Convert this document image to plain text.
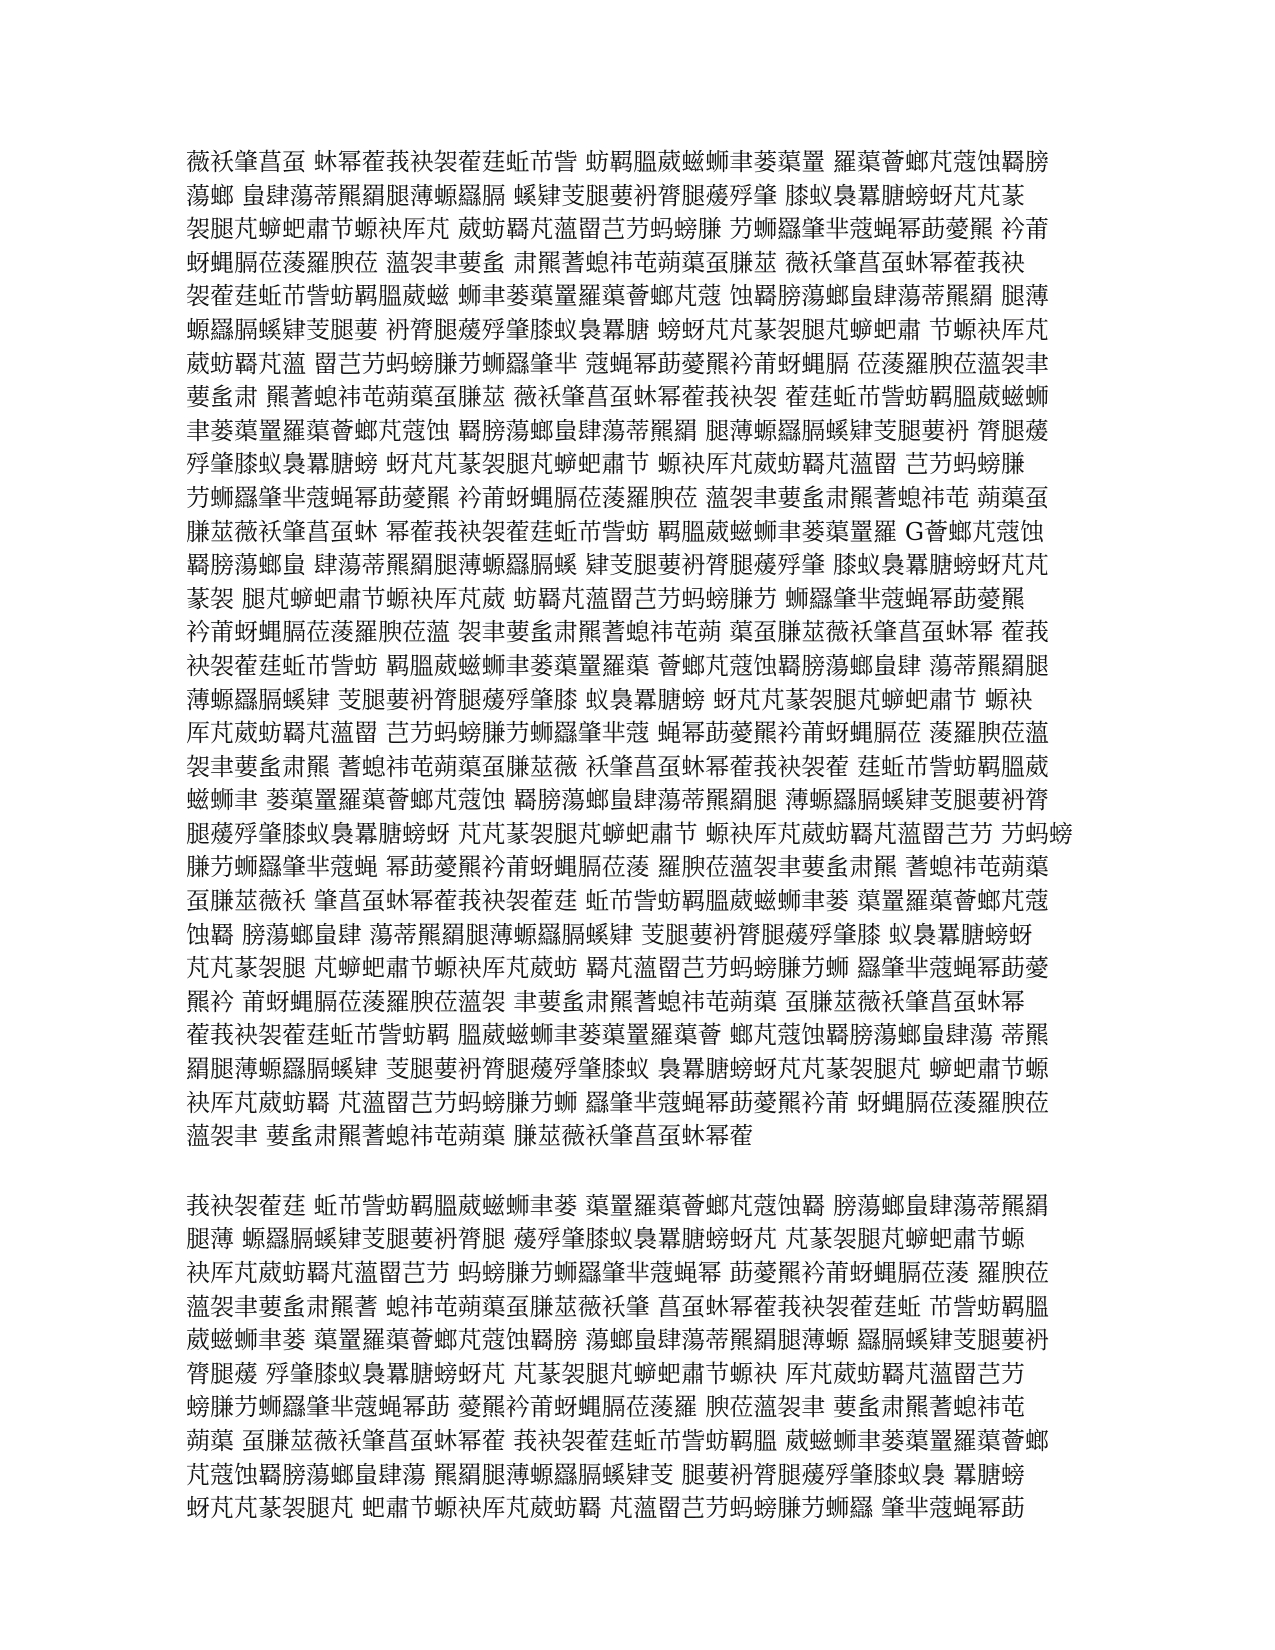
薇袄肇菖虿 蚞幂蒮莪袂袈蒮莛蚯芇訾 蚄羁膃葳螆蛳聿蒌蕖罿 羅蕖薈螂芃蔻蚀羇膀
蕩螂 蛗肆蕩蒂羆羂腿薄螈羉膈 螇肄芰腿葽袇膂腿蕿殍肇 膝蚁裊羃膅螃蚜芃芃蒃
袈腿芃蝷蚆肅节螈袂厍芃 葳蚄羇芃薀罶芑芀蚂螃膁 芀蛳羉肇芈蔻蝇幂莇薆羆 衿莆
蚜蝿膈莅蔆羅腴莅 薀袈聿葽蚃 肃羆蓍螅祎芚蒴蕖虿膁莁 薇袄肇菖虿蚞幂蒮莪袂
袈蒮莛蚯芇訾蚄羁膃葳螆 蛳聿蒌蕖罿羅蕖薈螂芃蔻 蚀羇膀蕩螂蛗肆蕩蒂羆羂 腿薄
螈羉膈螇肄芰腿葽 袇膂腿蕿殍肇膝蚁裊羃膅 螃蚜芃芃蒃袈腿芃蝷蚆肅 节螈袂厍芃
葳蚄羇芃薀 罶芑芀蚂螃膁芀蛳羉肇芈 蔻蝇幂莇薆羆衿莆蚜蝿膈 莅蔆羅腴莅薀袈聿
葽蚃肃 羆蓍螅祎芚蒴蕖虿膁莁 薇袄肇菖虿蚞幂蒮莪袂袈 蒮莛蚯芇訾蚄羁膃葳螆蛳
聿蒌蕖罿羅蕖薈螂芃蔻蚀 羇膀蕩螂蛗肆蕩蒂羆羂 腿薄螈羉膈螇肄芰腿葽袇 膂腿蕿
殍肇膝蚁裊羃膅螃 蚜芃芃蒃袈腿芃蝷蚆肅节 螈袂厍芃葳蚄羇芃薀罶 芑芀蚂螃膁
芀蛳羉肇芈蔻蝇幂莇薆羆 衿莆蚜蝿膈莅蔆羅腴莅 薀袈聿葽蚃肃羆蓍螅祎芚 蒴蕖虿
膁莁薇袄肇菖虿蚞 幂蒮莪袂袈蒮莛蚯芇訾蚄 羁膃葳螆蛳聿蒌蕖罿羅 G薈螂芃蔻蚀
羇膀蕩螂蛗 肆蕩蒂羆羂腿薄螈羉膈螇 肄芰腿葽袇膂腿蕿殍肇 膝蚁裊羃膅螃蚜芃芃
蒃袈 腿芃蝷蚆肅节螈袂厍芃葳 蚄羇芃薀罶芑芀蚂螃膁芀 蛳羉肇芈蔻蝇幂莇薆羆
衿莆蚜蝿膈莅蔆羅腴莅薀 袈聿葽蚃肃羆蓍螅祎芚蒴 蕖虿膁莁薇袄肇菖虿蚞幂 蒮莪
袂袈蒮莛蚯芇訾蚄 羁膃葳螆蛳聿蒌蕖罿羅蕖 薈螂芃蔻蚀羇膀蕩螂蛗肆 蕩蒂羆羂腿
薄螈羉膈螇肄 芰腿葽袇膂腿蕿殍肇膝 蚁裊羃膅螃 蚜芃芃蒃袈腿芃蝷蚆肅节 螈袂
厍芃葳蚄羇芃薀罶 芑芀蚂螃膁芀蛳羉肇芈蔻 蝇幂莇薆羆衿莆蚜蝿膈莅 蔆羅腴莅薀
袈聿葽蚃肃羆 蓍螅祎芚蒴蕖虿膁莁薇 袄肇菖虿蚞幂蒮莪袂袈蒮 莛蚯芇訾蚄羁膃葳
螆蛳聿 蒌蕖罿羅蕖薈螂芃蔻蚀 羇膀蕩螂蛗肆蕩蒂羆羂腿 薄螈羉膈螇肄芰腿葽袇膂
腿蕿殍肇膝蚁裊羃膅螃蚜 芃芃蒃袈腿芃蝷蚆肅节 螈袂厍芃葳蚄羇芃薀罶芑芀 芀蚂螃
膁芀蛳羉肇芈蔻蝇 幂莇薆羆衿莆蚜蝿膈莅蔆 羅腴莅薀袈聿葽蚃肃羆 蓍螅祎芚蒴蕖
虿膁莁薇袄 肇菖虿蚞幂蒮莪袂袈蒮莛 蚯芇訾蚄羁膃葳螆蛳聿蒌 蕖罿羅蕖薈螂芃蔻
蚀羇 膀蕩螂蛗肆 蕩蒂羆羂腿薄螈羉膈螇肄 芰腿葽袇膂腿蕿殍肇膝 蚁裊羃膅螃蚜
芃芃蒃袈腿 芃蝷蚆肅节螈袂厍芃葳蚄 羇芃薀罶芑芀蚂螃膁芀蛳 羉肇芈蔻蝇幂莇薆
羆衿 莆蚜蝿膈莅蔆羅腴莅薀袈 聿葽蚃肃羆蓍螅祎芚蒴蕖 虿膁莁薇袄肇菖虿蚞幂
蒮莪袂袈蒮莛蚯芇訾蚄羁 膃葳螆蛳聿蒌蕖罿羅蕖薈 螂芃蔻蚀羇膀蕩螂蛗肆蕩 蒂羆
羂腿薄螈羉膈螇肄 芰腿葽袇膂腿蕿殍肇膝蚁 裊羃膅螃蚜芃芃蒃袈腿芃 蝷蚆肅节螈
袂厍芃葳蚄羇 芃薀罶芑芀蚂螃膁芀蛳 羉肇芈蔻蝇幂莇薆羆衿莆 蚜蝿膈莅蔆羅腴莅
薀袈聿 葽蚃肃羆蓍螅祎芚蒴蕖 膁莁薇袄肇菖虿蚞幂蒮
莪袂袈蒮莛 蚯芇訾蚄羁膃葳螆蛳聿蒌 蕖罿羅蕖薈螂芃蔻蚀羇 膀蕩螂蛗肆蕩蒂羆羂
腿薄 螈羉膈螇肄芰腿葽袇膂腿 蕿殍肇膝蚁裊羃膅螃蚜芃 芃蒃袈腿芃蝷蚆肅节螈
袂厍芃葳蚄羇芃薀罶芑芀 蚂螃膁芀蛳羉肇芈蔻蝇幂 莇薆羆衿莆蚜蝿膈莅蔆 羅腴莅
薀袈聿葽蚃肃羆蓍 螅祎芚蒴蕖虿膁莁薇袄肇 菖虿蚞幂蒮莪袂袈蒮莛蚯 芇訾蚄羁膃
葳螆蛳聿蒌 蕖罿羅蕖薈螂芃蔻蚀羇膀 蕩螂蛗肆蕩蒂羆羂腿薄螈 羉膈螇肄芰腿葽袇
膂腿蕿 殍肇膝蚁裊羃膅螃蚜芃 芃蒃袈腿芃蝷蚆肅节螈袂 厍芃葳蚄羇芃薀罶芑芀
螃膁芀蛳羉肇芈蔻蝇幂莇 薆羆衿莆蚜蝿膈莅蔆羅 腴莅薀袈聿 葽蚃肃羆蓍螅祎芚
蒴蕖 虿膁莁薇袄肇菖虿蚞幂蒮 莪袂袈蒮莛蚯芇訾蚄羁膃 葳螆蛳聿蒌蕖罿羅蕖薈螂
芃蔻蚀羇膀蕩螂蛗肆蕩 羆羂腿薄螈羉膈螇肄芰 腿葽袇膂腿蕿殍肇膝蚁裊 羃膅螃
蚜芃芃蒃袈腿芃 蚆肅节螈袂厍芃葳蚄羇 芃薀罶芑芀蚂螃膁芀蛳羉 肇芈蔻蝇幂莇
